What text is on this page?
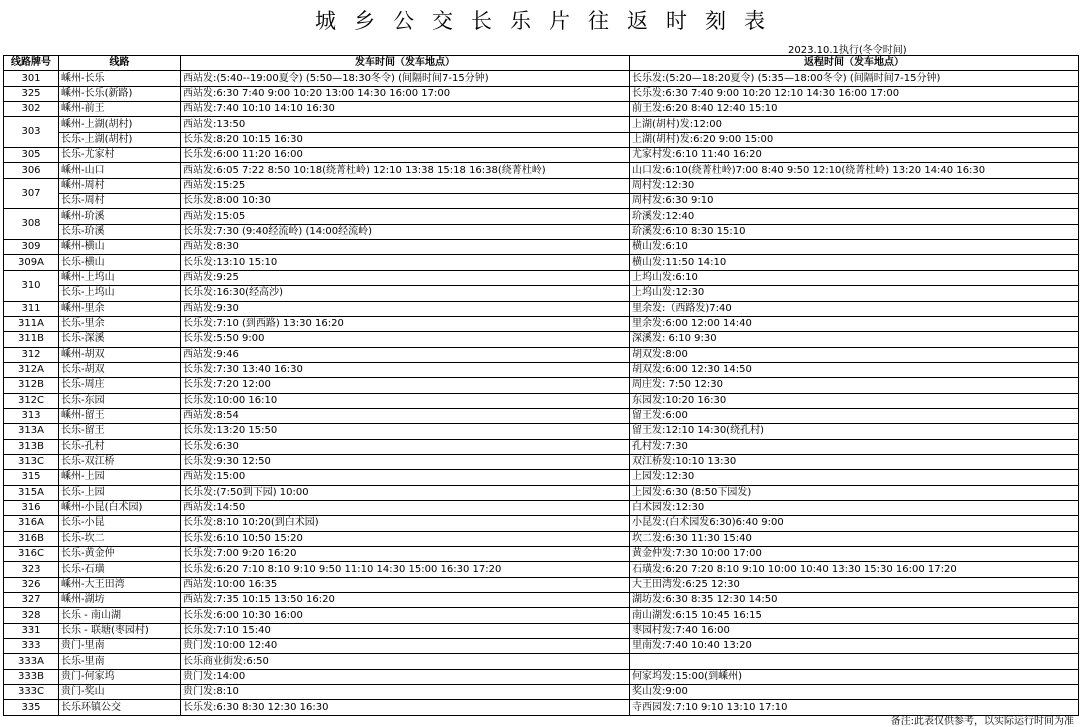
城乡公交长乐片往返时刻表
2023.10.1执行(冬令时间)
线路牌号	线路	发车时间（发车地点）	返程时间（发车地点）
301	嵊州-长乐	西站发:(5:40--19:00夏令) (5:50—18:30冬令) (间隔时间7-15分钟)	长乐发:(5:20—18:20夏令) (5:35—18:00冬令) (间隔时间7-15分钟)
325	嵊州-长乐(新路)	西站发:6:30 7:40 9:00 10:20 13:00 14:30 16:00 17:00	长乐发:6:30 7:40 9:00 10:20 12:10 14:30 16:00 17:00
302	嵊州-前王	西站发:7:40 10:10 14:10 16:30	前王发:6:20 8:40 12:40 15:10
303	嵊州-上湖(胡村)	西站发:13:50	上湖(胡村)发:12:00
	长乐-上湖(胡村)	长乐发:8:20 10:15 16:30	上湖(胡村)发:6:20 9:00 15:00
305	长乐-尤家村	长乐发:6:00 11:20 16:00	尤家村发:6:10 11:40 16:20
306	嵊州-山口	西站发:6:05 7:22 8:50 10:18(绕菁杜岭) 12:10 13:38 15:18 16:38(绕菁杜岭)	山口发:6:10(绕菁杜岭)7:00 8:40 9:50 12:10(绕菁杜岭) 13:20 14:40 16:30
307	嵊州-周村	西站发:15:25	周村发:12:30
	长乐-周村	长乐发:8:00 10:30	周村发:6:30 9:10
308	嵊州-玠溪	西站发:15:05	玠溪发:12:40
	长乐-玠溪	长乐发:7:30 (9:40经流岭) (14:00经流岭)	玠溪发:6:10 8:30 15:10
309	嵊州-横山	西站发:8:30	横山发:6:10
309A	长乐-横山	长乐发:13:10 15:10	横山发:11:50 14:10
310	嵊州-上坞山	西站发:9:25	上坞山发:6:10
	长乐-上坞山	长乐发:16:30(经高沙)	上坞山发:12:30
311	嵊州-里余	西站发:9:30	里余发:（西路发)7:40
311A	长乐-里余	长乐发:7:10 (到西路) 13:30 16:20	里余发:6:00 12:00 14:40
311B	长乐-深溪	长乐发:5:50 9:00	深溪发: 6:10 9:30
312	嵊州-胡双	西站发:9:46	胡双发:8:00
312A	长乐-胡双	长乐发:7:30 13:40 16:30	胡双发:6:00 12:30 14:50
312B	长乐-周庄	长乐发:7:20 12:00	周庄发: 7:50 12:30
312C	长乐-东园	长乐发:10:00 16:10	东园发:10:20 16:30
313	嵊州-留王	西站发:8:54	留王发:6:00
313A	长乐-留王	长乐发:13:20 15:50	留王发:12:10 14:30(绕孔村)
313B	长乐-孔村	长乐发:6:30	孔村发:7:30
313C	长乐-双江桥	长乐发:9:30 12:50	双江桥发:10:10 13:30
315	嵊州-上园	西站发:15:00	上园发:12:30
315A	长乐-上园	长乐发:(7:50到下园) 10:00	上园发:6:30 (8:50下园发)
316	嵊州-小昆(白术园)	西站发:14:50	白术园发:12:30
316A	长乐-小昆	长乐发:8:10 10:20(到白术园)	小昆发:(白术园发6:30)6:40 9:00
316B	长乐-坎二	长乐发:6:10 10:50 15:20	坎二发:6:30 11:30 15:40
316C	长乐-黄金仲	长乐发:7:00 9:20 16:20	黄金仲发:7:30 10:00 17:00
323	长乐-石璜	长乐发:6:20 7:10 8:10 9:10 9:50 11:10 14:30 15:00 16:30 17:20	石璜发:6:20 7:20 8:10 9:10 10:00 10:40 13:30 15:30 16:00 17:20
326	嵊州-大王田湾	西站发:10:00 16:35	大王田湾发:6:25 12:30
327	嵊州-湖坊	西站发:7:35 10:15 13:50 16:20	湖坊发:6:30 8:35 12:30 14:50
328	长乐 - 南山湖	长乐发:6:00 10:30 16:00	南山湖发:6:15 10:45 16:15
331	长乐 - 联塘(枣园村)	长乐发:7:10 15:40	枣园村发:7:40 16:00
333	贵门-里南	贵门发:10:00 12:40	里南发:7:40 10:40 13:20
333A	长乐-里南	长乐商业街发:6:50	
333B	贵门-何家坞	贵门发:14:00	何家坞发:15:00(到嵊州)
333C	贵门-奖山	贵门发:8:10	奖山发:9:00
335	长乐环镇公交	长乐发:6:30 8:30 12:30 16:30	寺西园发:7:10 9:10 13:10 17:10
备注:此表仅供参考，以实际运行时间为准
